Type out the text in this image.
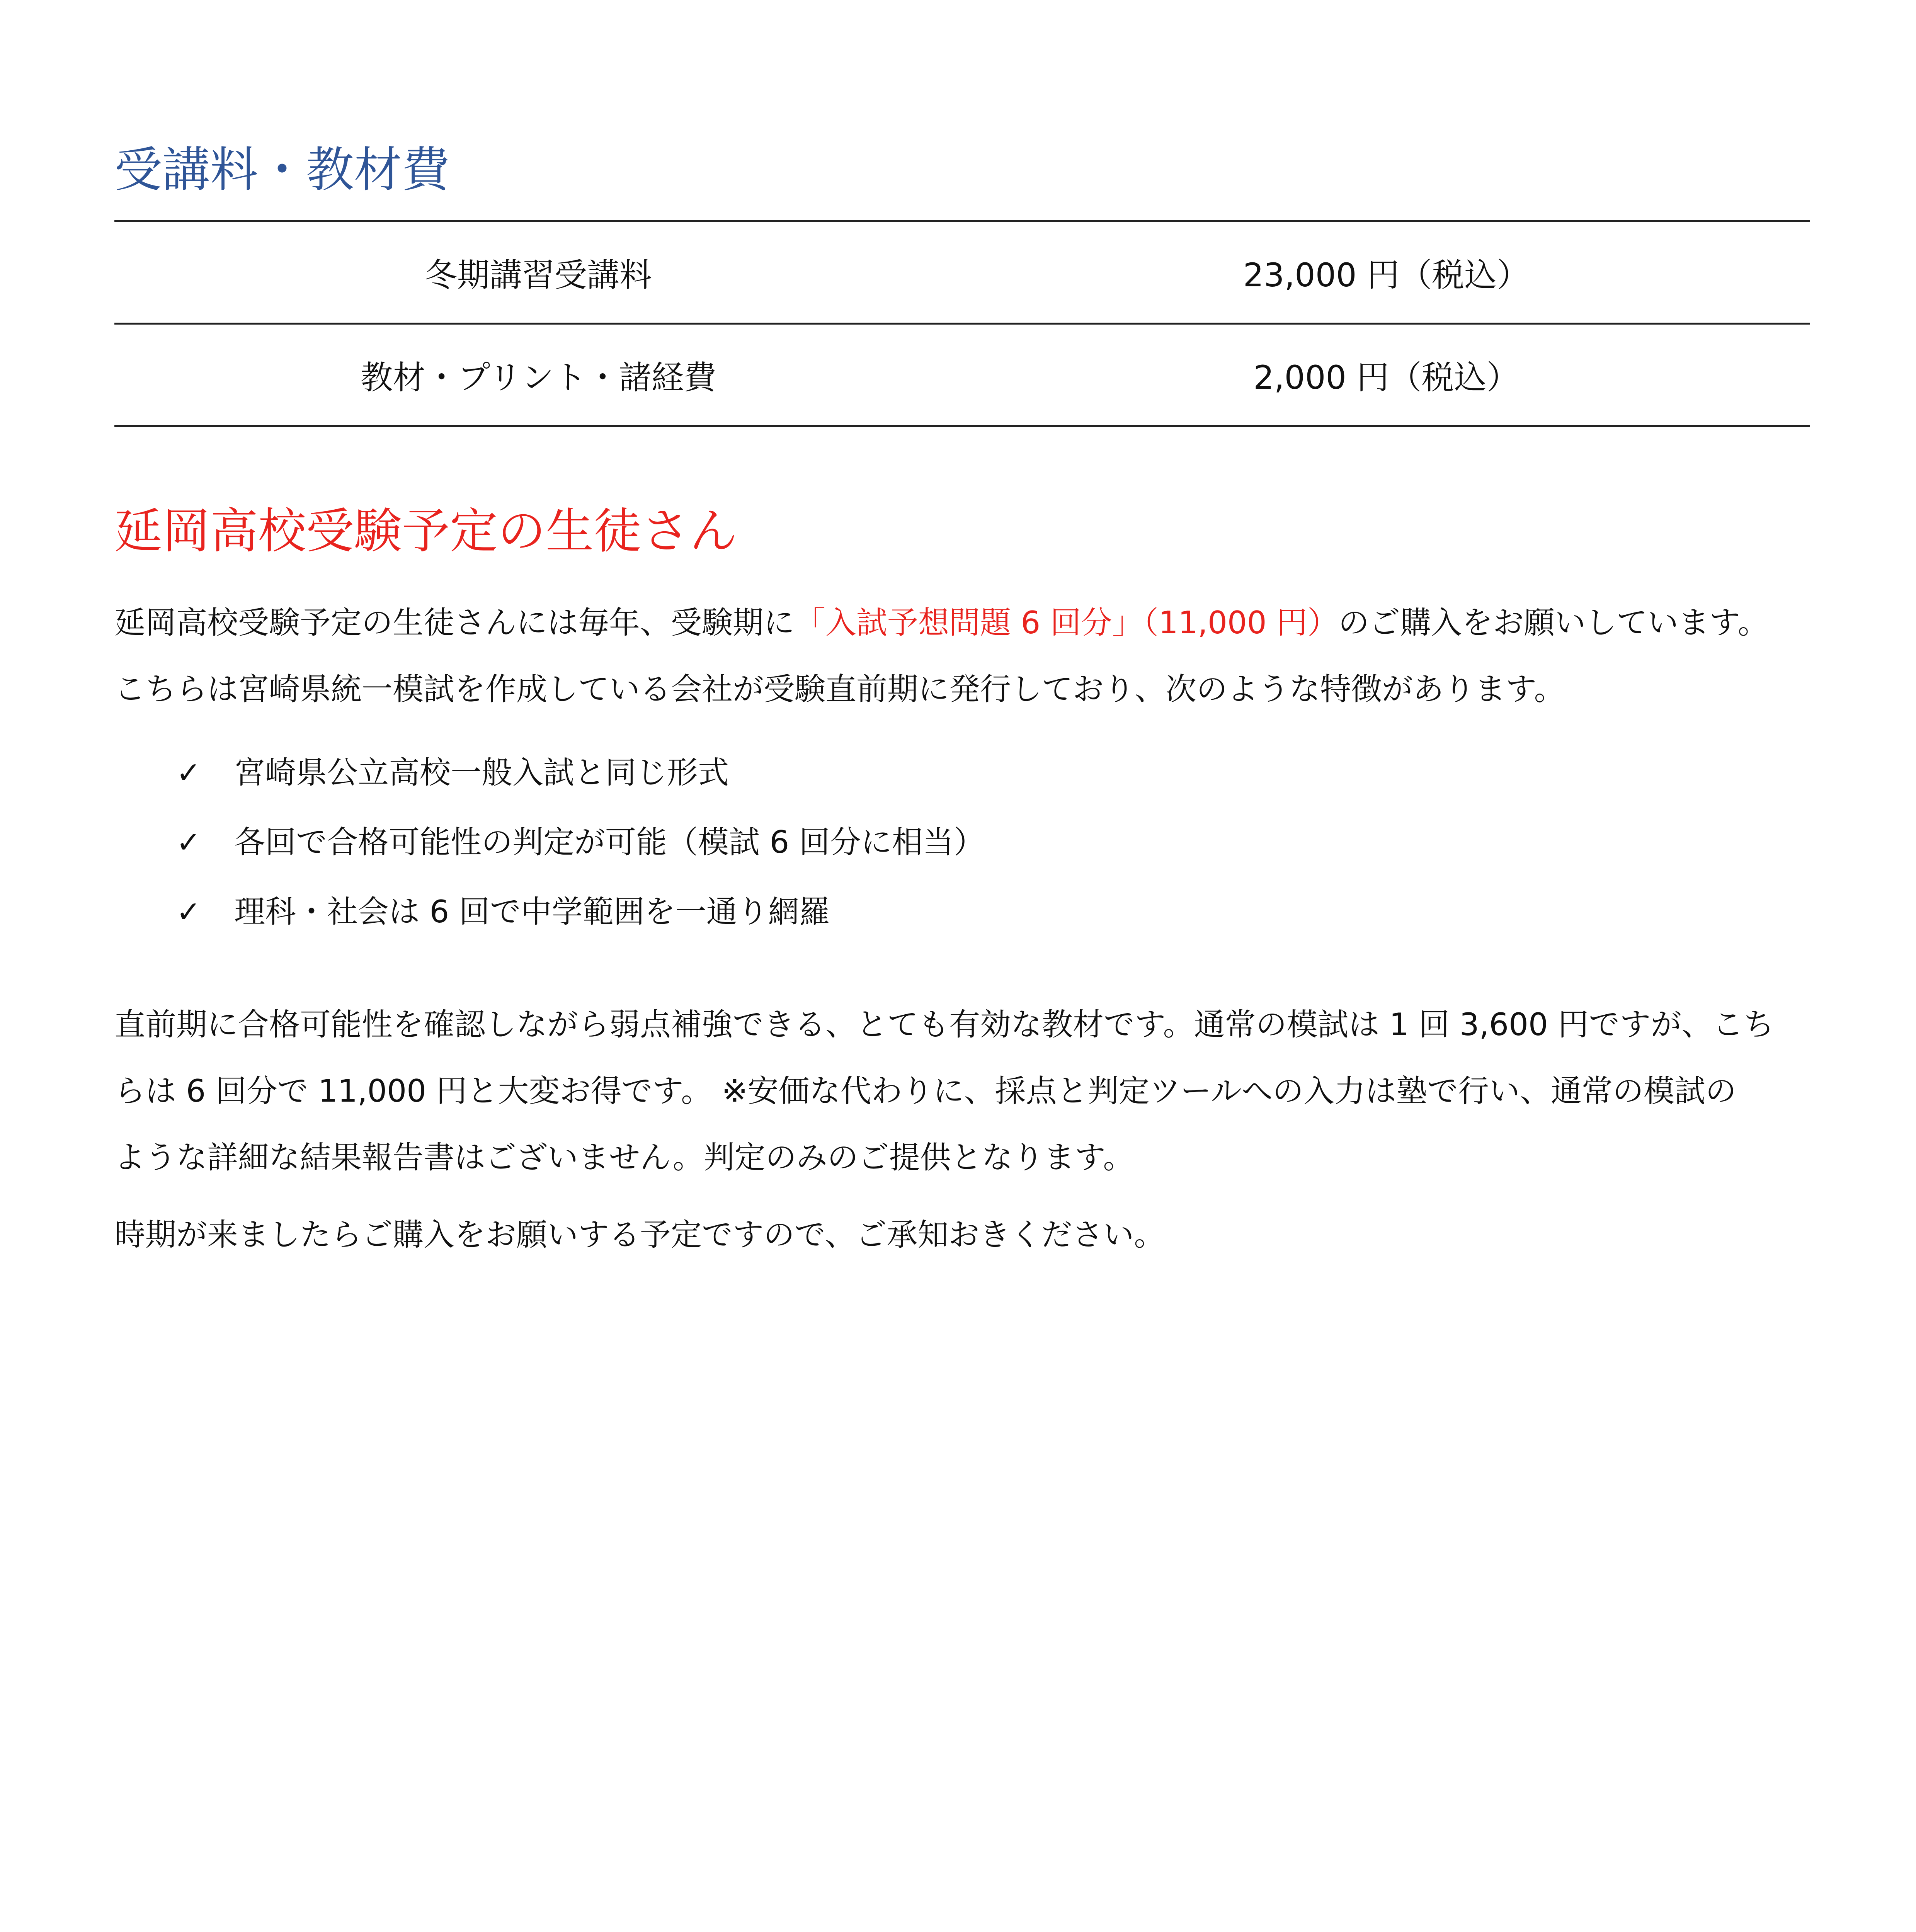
受講料・教材費
冬期講習受講料	23,000 円（税込）
教材・プリント・諸経費	2,000 円（税込）
延岡高校受験予定の生徒さん
延岡高校受験予定の生徒さんには毎年、受験期に「入試予想問題 6 回分」（11,000 円）のご購入をお願いしています。
こちらは宮崎県統一模試を作成している会社が受験直前期に発行しており、次のような特徴があります。
✓	宮崎県公立高校一般入試と同じ形式
✓	各回で合格可能性の判定が可能（模試 6 回分に相当）
✓	理科・社会は 6 回で中学範囲を一通り網羅
直前期に合格可能性を確認しながら弱点補強できる、とても有効な教材です。通常の模試は 1 回 3,600 円ですが、こち
らは 6 回分で 11,000 円と大変お得です。 ※安価な代わりに、採点と判定ツールへの入力は塾で行い、通常の模試の
ような詳細な結果報告書はございません。判定のみのご提供となります。
時期が来ましたらご購入をお願いする予定ですので、ご承知おきください。
